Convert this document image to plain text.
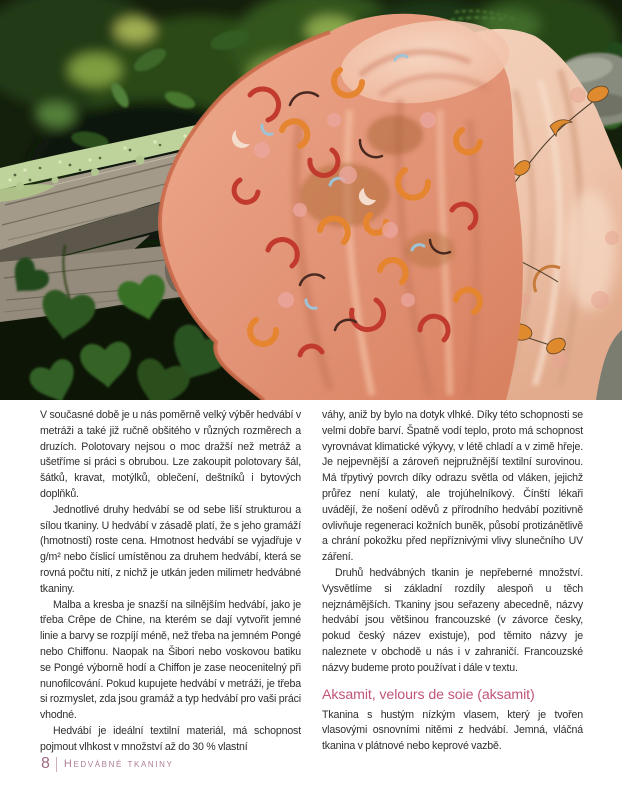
V současné době je u nás poměrně velký výběr hedvábí v metráži a také již ručně obšitého v různých rozměrech a druzích. Polotovary nejsou o moc dražší než metráž a ušetříme si práci s obrubou. Lze zakoupit polotovary šál, šátků, kravat, motýlků, oblečení, deštníků i bytových doplňků.

Jednotlivé druhy hedvábí se od sebe liší strukturou a sílou tkaniny. U hedvábí v zásadě platí, že s jeho gramáží (hmotností) roste cena. Hmotnost hedvábí se vyjadřuje v g/m² nebo číslicí umístěnou za druhem hedvábí, která se rovná počtu nití, z nichž je utkán jeden milimetr hedvábné tkaniny.

Malba a kresba je snazší na silnějším hedvábí, jako je třeba Crêpe de Chine, na kterém se dají vytvořit jemné linie a barvy se rozpíjí méně, než třeba na jemném Pongé nebo Chiffonu. Naopak na Šibori nebo voskovou batiku se Pongé výborně hodí a Chiffon je zase neocenitelný při nunofilcování. Pokud kupujete hedvábí v metráži, je třeba si rozmyslet, zda jsou gramáž a typ hedvábí pro vaši práci vhodné.

Hedvábí je ideální textilní materiál, má schopnost pojmout vlhkost v množství až do 30 % vlastní

váhy, aniž by bylo na dotyk vlhké. Díky této schopnosti se velmi dobře barví. Špatně vodí teplo, proto má schopnost vyrovnávat klimatické výkyvy, v létě chladí a v zimě hřeje. Je nejpevnější a zároveň nejpružnější textilní surovinou. Má třpytivý povrch díky odrazu světla od vláken, jejichž průřez není kulatý, ale trojúhelníkový. Čínští lékaři uvádějí, že nošení oděvů z přírodního hedvábí pozitivně ovlivňuje regeneraci kožních buněk, působí protizánětlivě a chrání pokožku před nepříznivými vlivy slunečního UV záření.

Druhů hedvábných tkanin je nepřeberné množství. Vysvětlíme si základní rozdíly alespoň u těch nejznámějších. Tkaniny jsou seřazeny abecedně, názvy hedvábí jsou většinou francouzské (v závorce česky, pokud český název existuje), pod těmito názvy je naleznete v obchodě u nás i v zahraničí. Francouzské názvy budeme proto používat i dále v textu.

Aksamit, velours de soie (aksamit)

Tkanina s hustým nízkým vlasem, který je tvořen vlasovými osnovními nitěmi z hedvábí. Jemná, vláčná tkanina v plátnové nebo keprové vazbě.

8 Hedvábné tkaniny
